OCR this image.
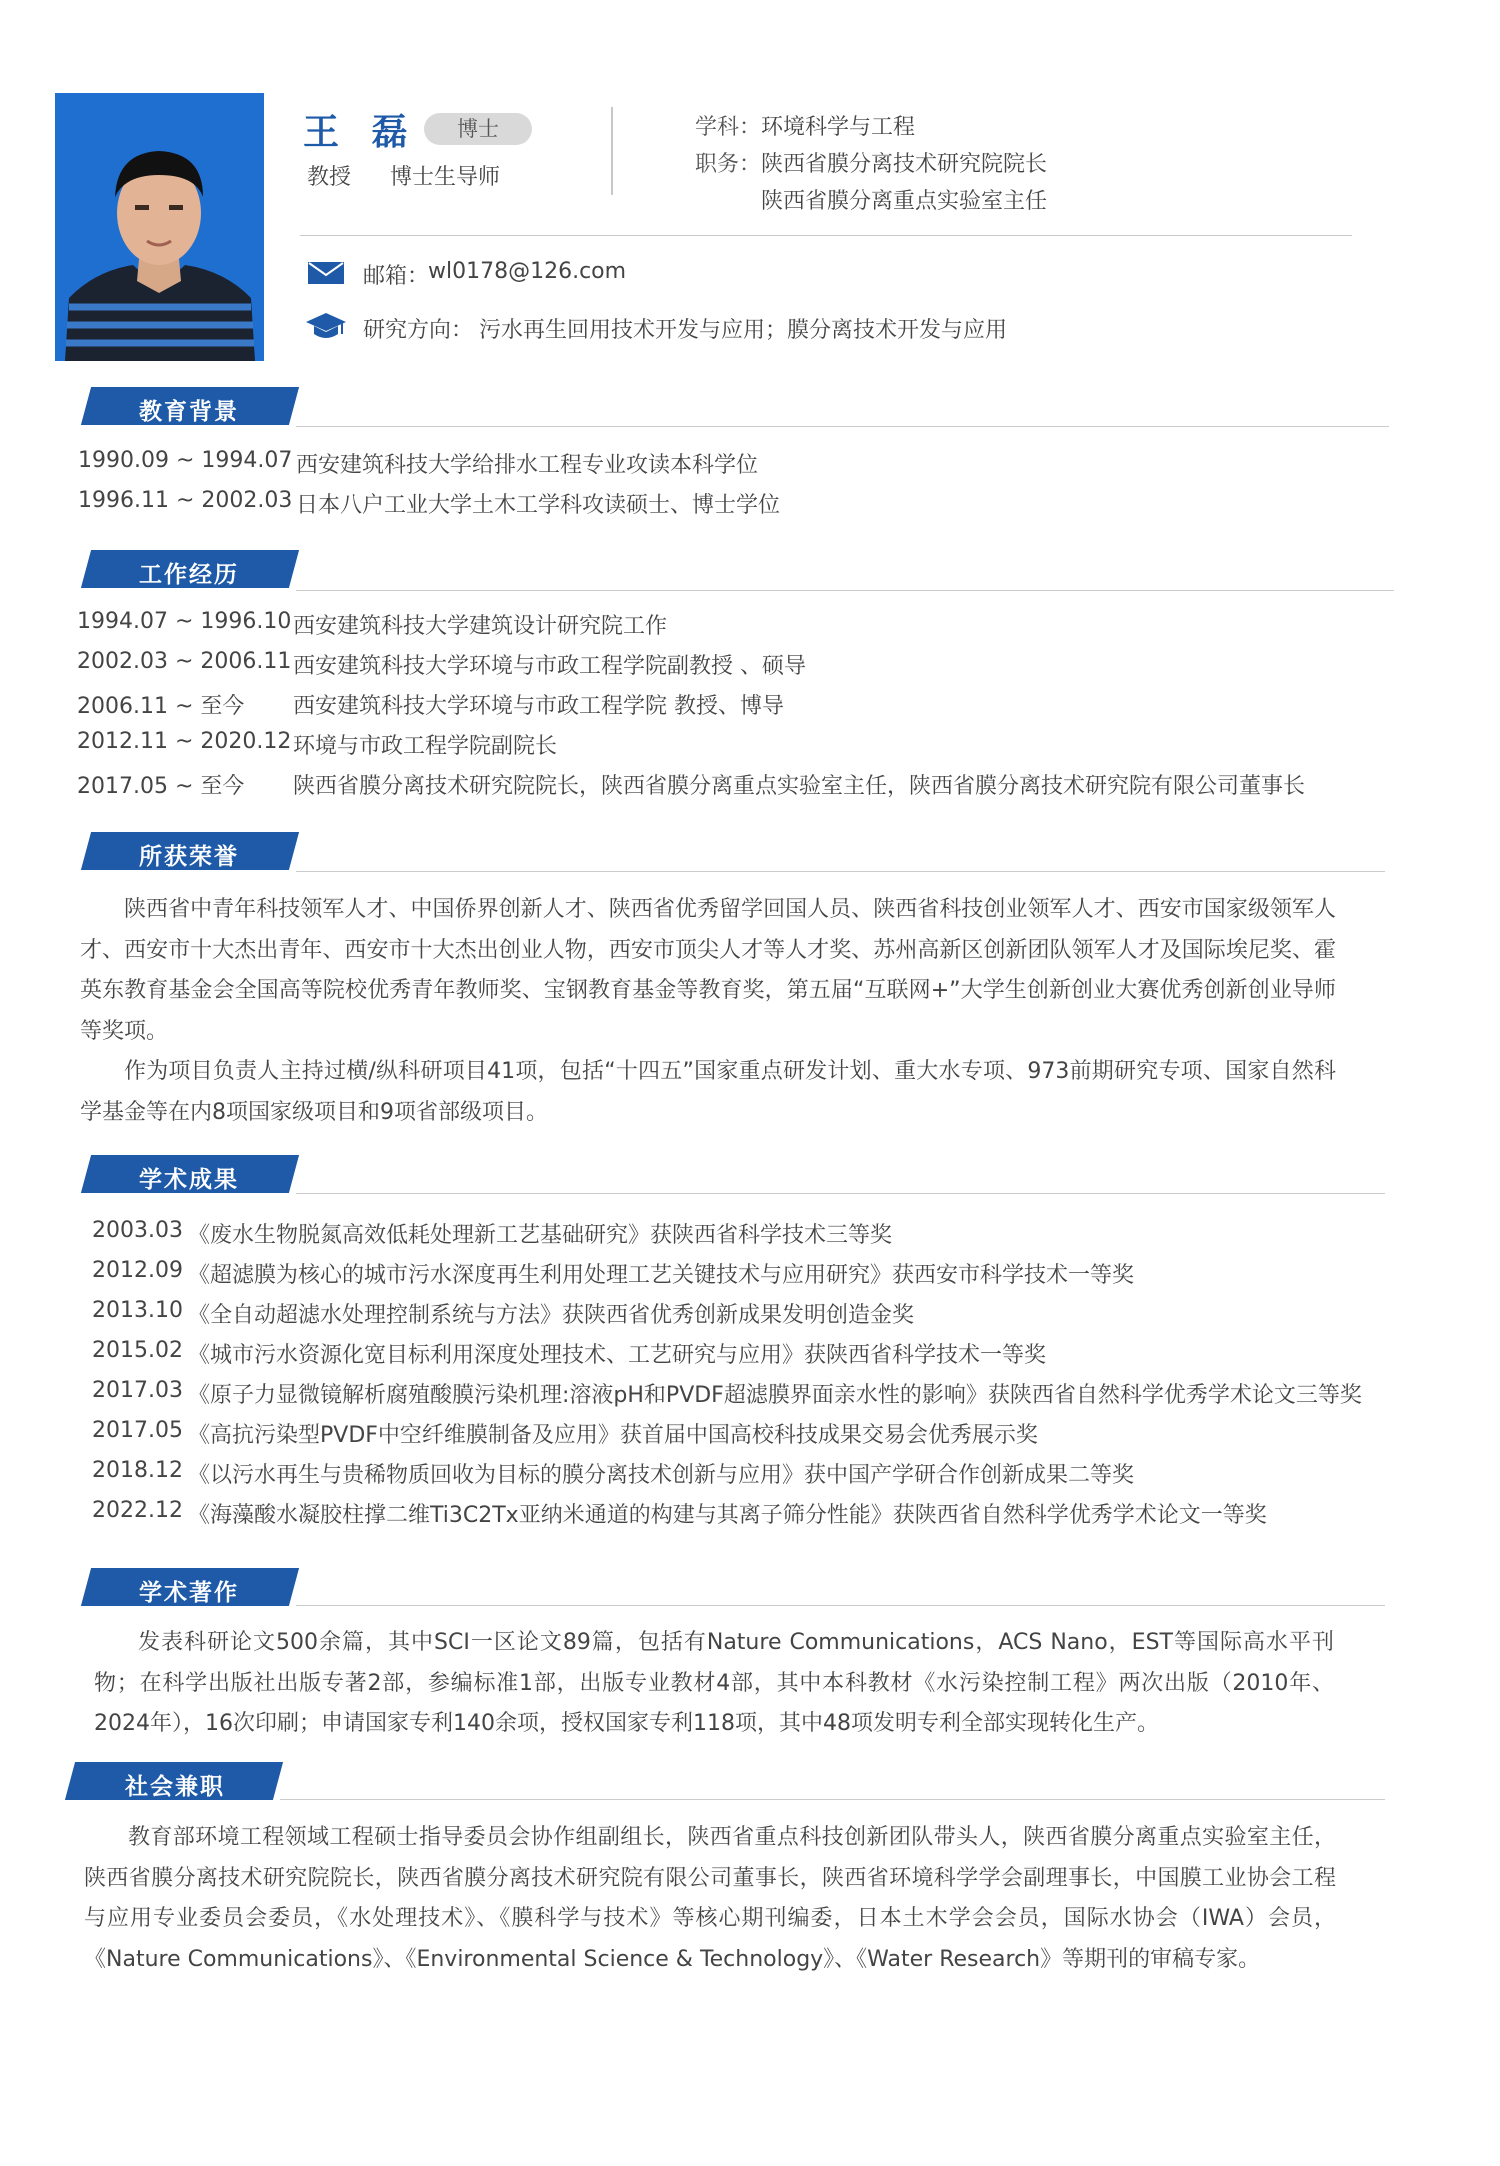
王 磊	博士
教授 博士生导师
学科： 环境科学与工程
职务： 陕西省膜分离技术研究院院长
陕西省膜分离重点实验室主任
邮箱：
wl0178@126.com
研究方向： 污水再生回用技术开发与应用；膜分离技术开发与应用
教育背景
1990.09 ~ 1994.07 西安建筑科技大学给排水工程专业攻读本科学位
1996.11 ~ 2002.03 日本八户工业大学土木工学科攻读硕士、博士学位
工作经历
1994.07 ~ 1996.10 西安建筑科技大学建筑设计研究院工作
2002.03 ~ 2006.11 西安建筑科技大学环境与市政工程学院副教授 、硕导
2006.11 ~ 至今 西安建筑科技大学环境与市政工程学院 教授、博导
2012.11 ~ 2020.12 环境与市政工程学院副院长
2017.05 ~ 至今 陕西省膜分离技术研究院院长，陕西省膜分离重点实验室主任，陕西省膜分离技术研究院有限公司董事长
所获荣誉

陕西省中青年科技领军人才、中国侨界创新人才、陕西省优秀留学回国人员、陕西省科技创业领军人才、西安市国家级领军人才、西安市十大杰出青年、西安市十大杰出创业人物，西安市顶尖人才等人才奖、苏州高新区创新团队领军人才及国际埃尼奖、霍英东教育基金会全国高等院校优秀青年教师奖、宝钢教育基金等教育奖，第五届“互联网+”大学生创新创业大赛优秀创新创业导师等奖项。

作为项目负责人主持过横/纵科研项目41项，包括“十四五”国家重点研发计划、重大水专项、973前期研究专项、国家自然科学基金等在内8项国家级项目和9项省部级项目。

学术成果
2003.03 《废水生物脱氮高效低耗处理新工艺基础研究》获陕西省科学技术三等奖
2012.09 《超滤膜为核心的城市污水深度再生利用处理工艺关键技术与应用研究》获西安市科学技术一等奖
2013.10 《全自动超滤水处理控制系统与方法》获陕西省优秀创新成果发明创造金奖
2015.02 《城市污水资源化宽目标利用深度处理技术、工艺研究与应用》获陕西省科学技术一等奖
2017.03 《原子力显微镜解析腐殖酸膜污染机理:溶液pH和PVDF超滤膜界面亲水性的影响》获陕西省自然科学优秀学术论文三等奖
2017.05 《高抗污染型PVDF中空纤维膜制备及应用》获首届中国高校科技成果交易会优秀展示奖
2018.12 《以污水再生与贵稀物质回收为目标的膜分离技术创新与应用》获中国产学研合作创新成果二等奖
2022.12 《海藻酸水凝胶柱撑二维Ti3C2Tx亚纳米通道的构建与其离子筛分性能》获陕西省自然科学优秀学术论文一等奖
学术著作

发表科研论文500余篇，其中SCI一区论文89篇，包括有Nature Communications，ACS Nano，EST等国际高水平刊物；在科学出版社出版专著2部，参编标准1部，出版专业教材4部，其中本科教材《水污染控制工程》两次出版（2010年、2024年），16次印刷；申请国家专利140余项，授权国家专利118项，其中48项发明专利全部实现转化生产。

社会兼职

教育部环境工程领域工程硕士指导委员会协作组副组长，陕西省重点科技创新团队带头人，陕西省膜分离重点实验室主任，陕西省膜分离技术研究院院长，陕西省膜分离技术研究院有限公司董事长，陕西省环境科学学会副理事长，中国膜工业协会工程与应用专业委员会委员，《水处理技术》、《膜科学与技术》等核心期刊编委，日本土木学会会员，国际水协会（IWA）会员，《Nature Communications》、《Environmental Science & Technology》、《Water Research》等期刊的审稿专家。
